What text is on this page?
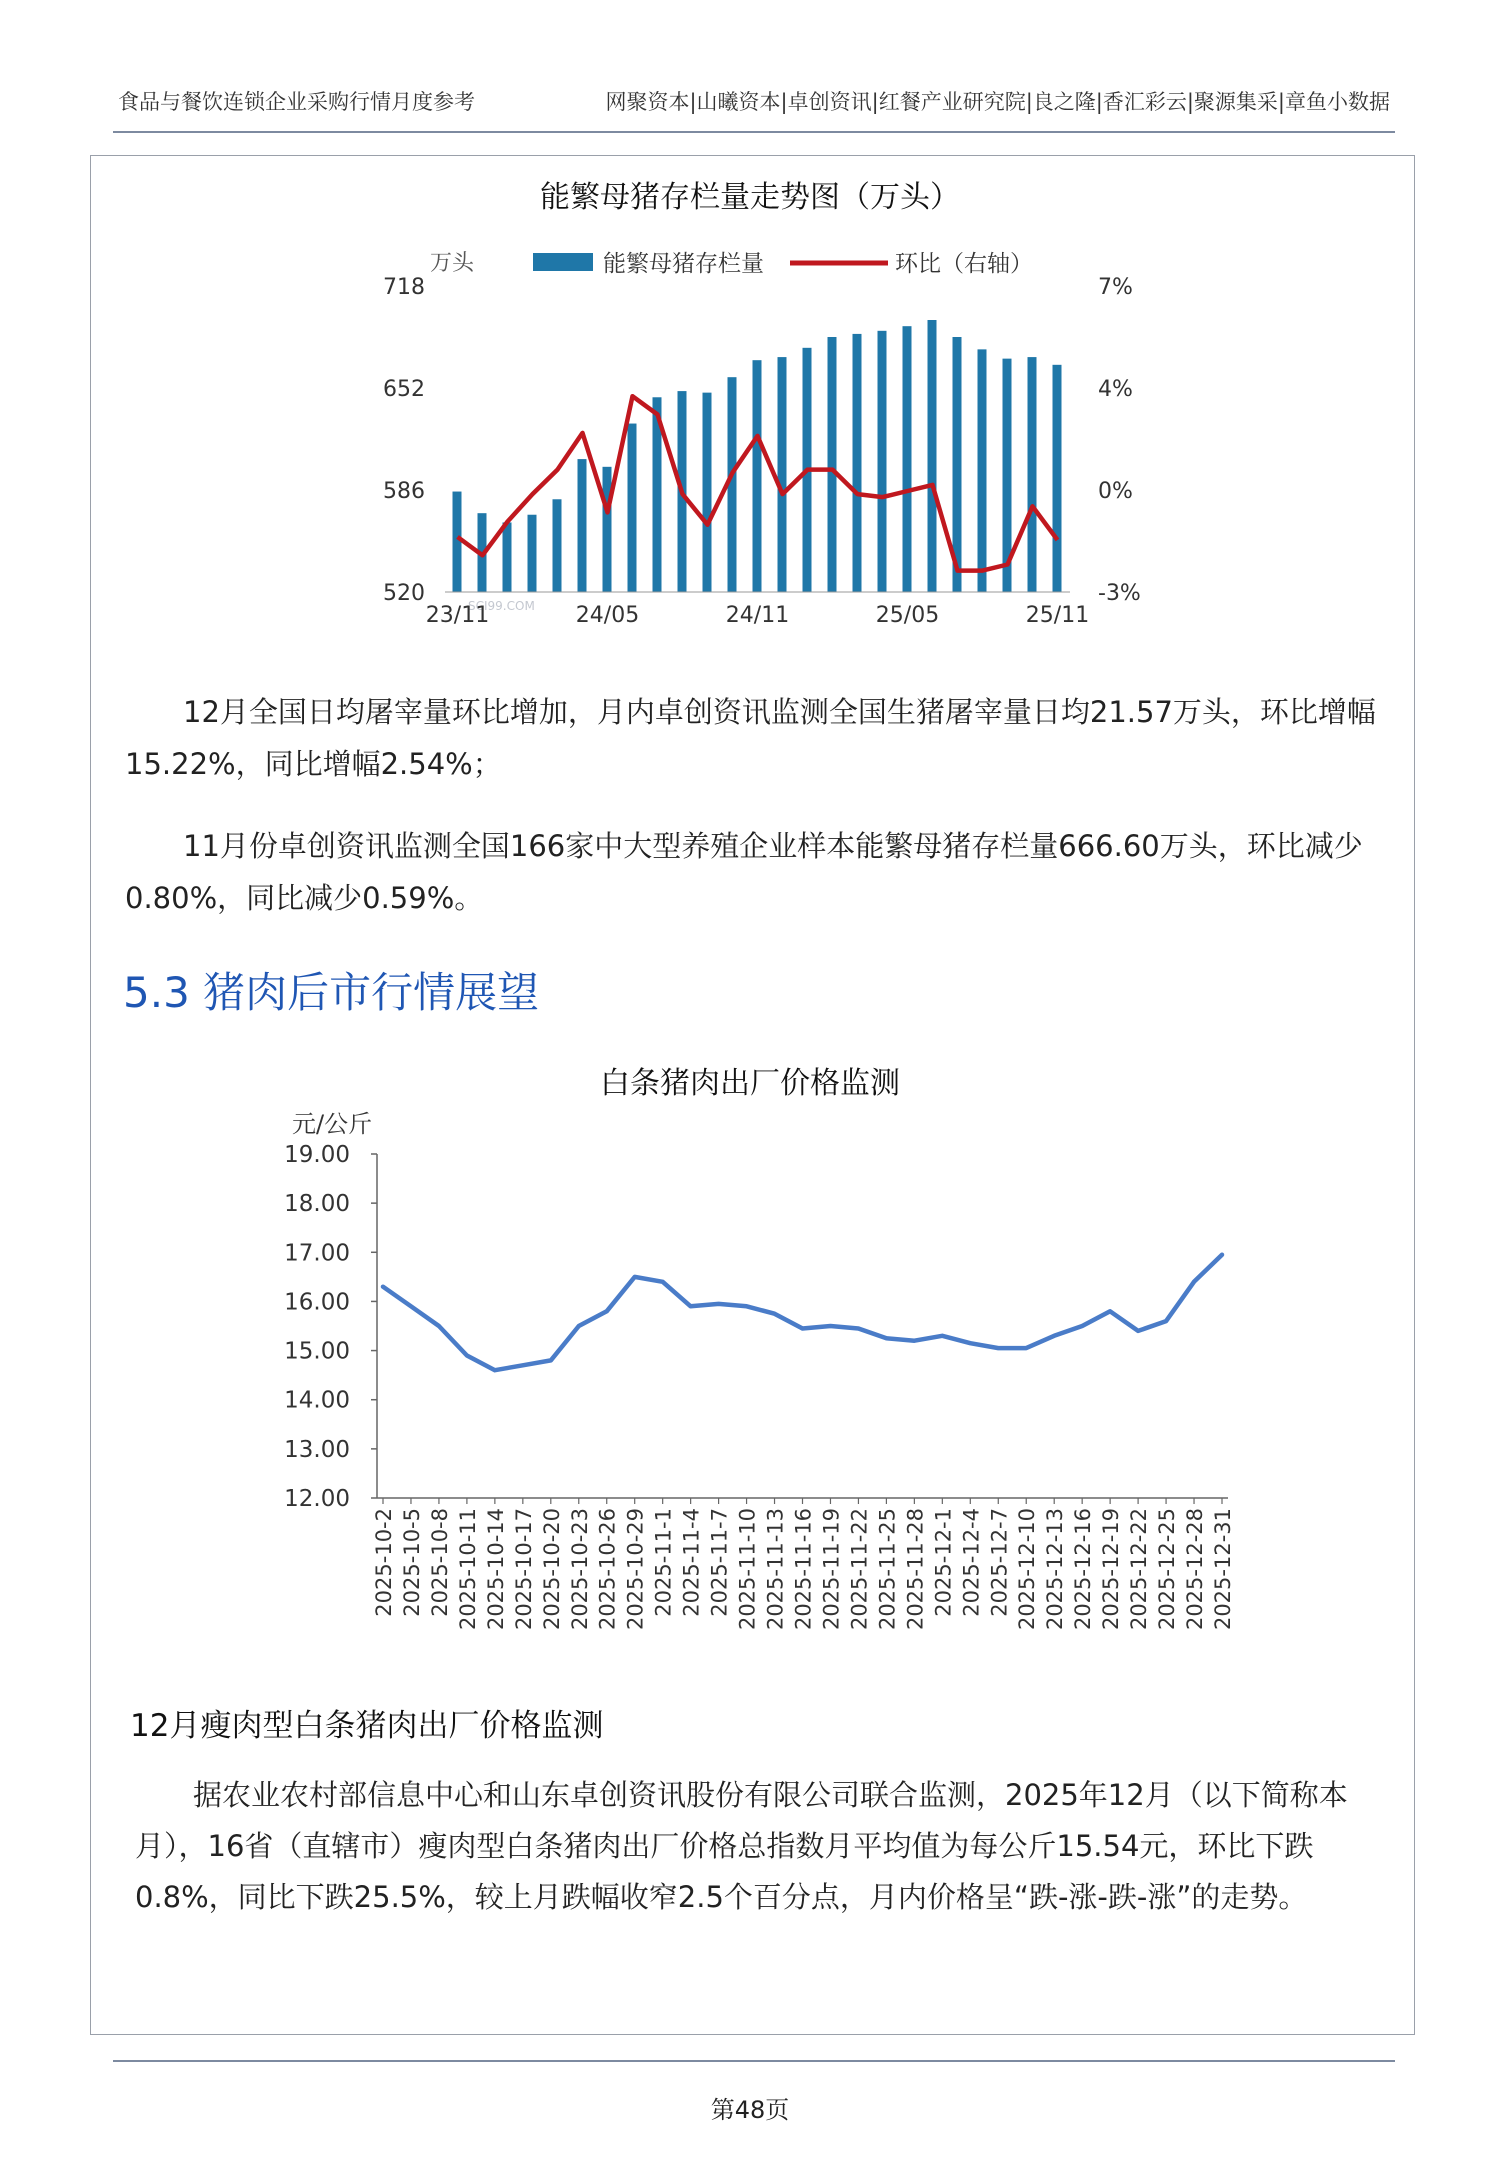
食品与餐饮连锁企业采购行情月度参考	网聚资本|山曦资本|卓创资讯|红餐产业研究院|良之隆|香汇彩云|聚源集采|章鱼小数据
能繁母猪存栏量走势图（万头）
万头	能繁母猪存栏量	环比（右轴）
SCI99.COM
718
652
586
520
7%
4%
0%
-3%
23/11	24/05	24/11	25/05	25/11
12月全国日均屠宰量环比增加，月内卓创资讯监测全国生猪屠宰量日均21.57万头，环比增幅15.22%，同比增幅2.54%；
11月份卓创资讯监测全国166家中大型养殖企业样本能繁母猪存栏量666.60万头，环比减少0.80%，同比减少0.59%。
5.3 猪肉后市行情展望
白条猪肉出厂价格监测
元/公斤
19.00
18.00
17.00
16.00
15.00
14.00
13.00
12.00
2025-10-2 2025-10-5 2025-10-8 2025-10-11 2025-10-14 2025-10-17 2025-10-20 2025-10-23 2025-10-26 2025-10-29 2025-11-1 2025-11-4 2025-11-7 2025-11-10 2025-11-13 2025-11-16 2025-11-19 2025-11-22 2025-11-25 2025-11-28 2025-12-1 2025-12-4 2025-12-7 2025-12-10 2025-12-13 2025-12-16 2025-12-19 2025-12-22 2025-12-25 2025-12-28 2025-12-31
12月瘦肉型白条猪肉出厂价格监测
据农业农村部信息中心和山东卓创资讯股份有限公司联合监测，2025年12月（以下简称本月），16省（直辖市）瘦肉型白条猪肉出厂价格总指数月平均值为每公斤15.54元，环比下跌0.8%，同比下跌25.5%，较上月跌幅收窄2.5个百分点，月内价格呈“跌-涨-跌-涨”的走势。
第48页
